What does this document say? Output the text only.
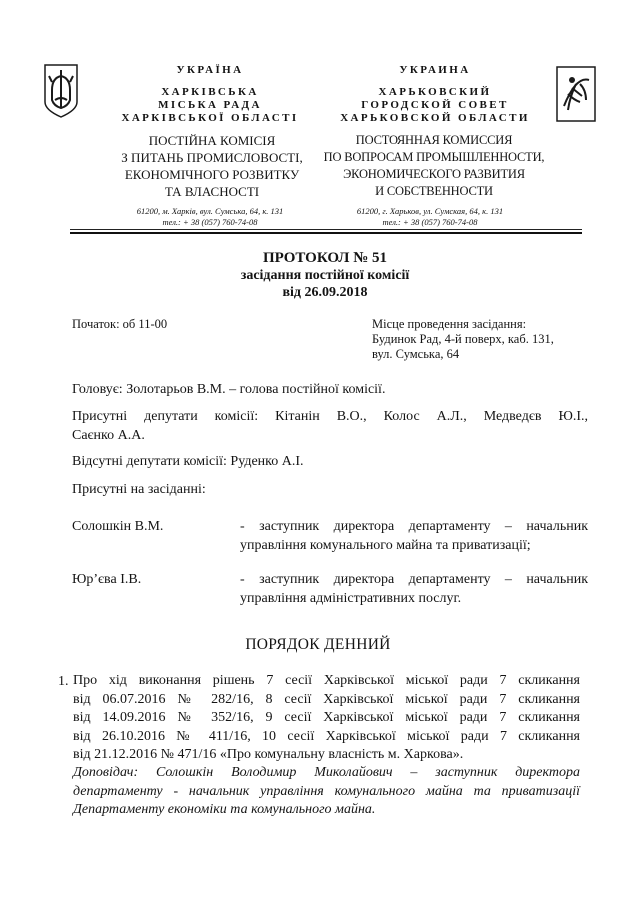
УКРАЇНА
ХАРКІВСЬКА
МІСЬКА РАДА
ХАРКІВСЬКОЇ ОБЛАСТІ
ПОСТІЙНА КОМІСІЯ
З ПИТАНЬ ПРОМИСЛОВОСТІ,
ЕКОНОМІЧНОГО РОЗВИТКУ
ТА ВЛАСНОСТІ
61200, м. Харків, вул. Сумська, 64, к. 131
тел.: + 38 (057) 760-74-08
УКРАИНА
ХАРЬКОВСКИЙ
ГОРОДСКОЙ СОВЕТ
ХАРЬКОВСКОЙ ОБЛАСТИ
ПОСТОЯННАЯ КОМИССИЯ
ПО ВОПРОСАМ ПРОМЫШЛЕННОСТИ,
ЭКОНОМИЧЕСКОГО РАЗВИТИЯ
И СОБСТВЕННОСТИ
61200, г. Харьков, ул. Сумская, 64, к. 131
тел.: + 38 (057) 760-74-08
ПРОТОКОЛ № 51
засідання постійної комісії
від 26.09.2018
Початок: об 11-00	Місце проведення засідання:
Будинок Рад, 4-й поверх, каб. 131,
вул. Сумська, 64
Головує: Золотарьов В.М. – голова постійної комісії.
Присутні депутати комісії: Кітанін В.О., Колос А.Л., Медведєв Ю.І.,
Саєнко А.А.
Відсутні депутати комісії: Руденко А.І.
Присутні на засіданні:
Солошкін В.М.	- заступник директора департаменту – начальник
управління комунального майна та приватизації;
Юр’єва І.В.	- заступник директора департаменту – начальник
управління адміністративних послуг.
ПОРЯДОК ДЕННИЙ
1. Про хід виконання рішень 7 сесії Харківської міської ради 7 скликання
від 06.07.2016 № 282/16, 8 сесії Харківської міської ради 7 скликання
від 14.09.2016 № 352/16, 9 сесії Харківської міської ради 7 скликання
від 26.10.2016 № 411/16, 10 сесії Харківської міської ради 7 скликання
від 21.12.2016 № 471/16 «Про комунальну власність м. Харкова».
Доповідач: Солошкін Володимир Миколайович – заступник директора
департаменту - начальник управління комунального майна та приватизації
Департаменту економіки та комунального майна.
